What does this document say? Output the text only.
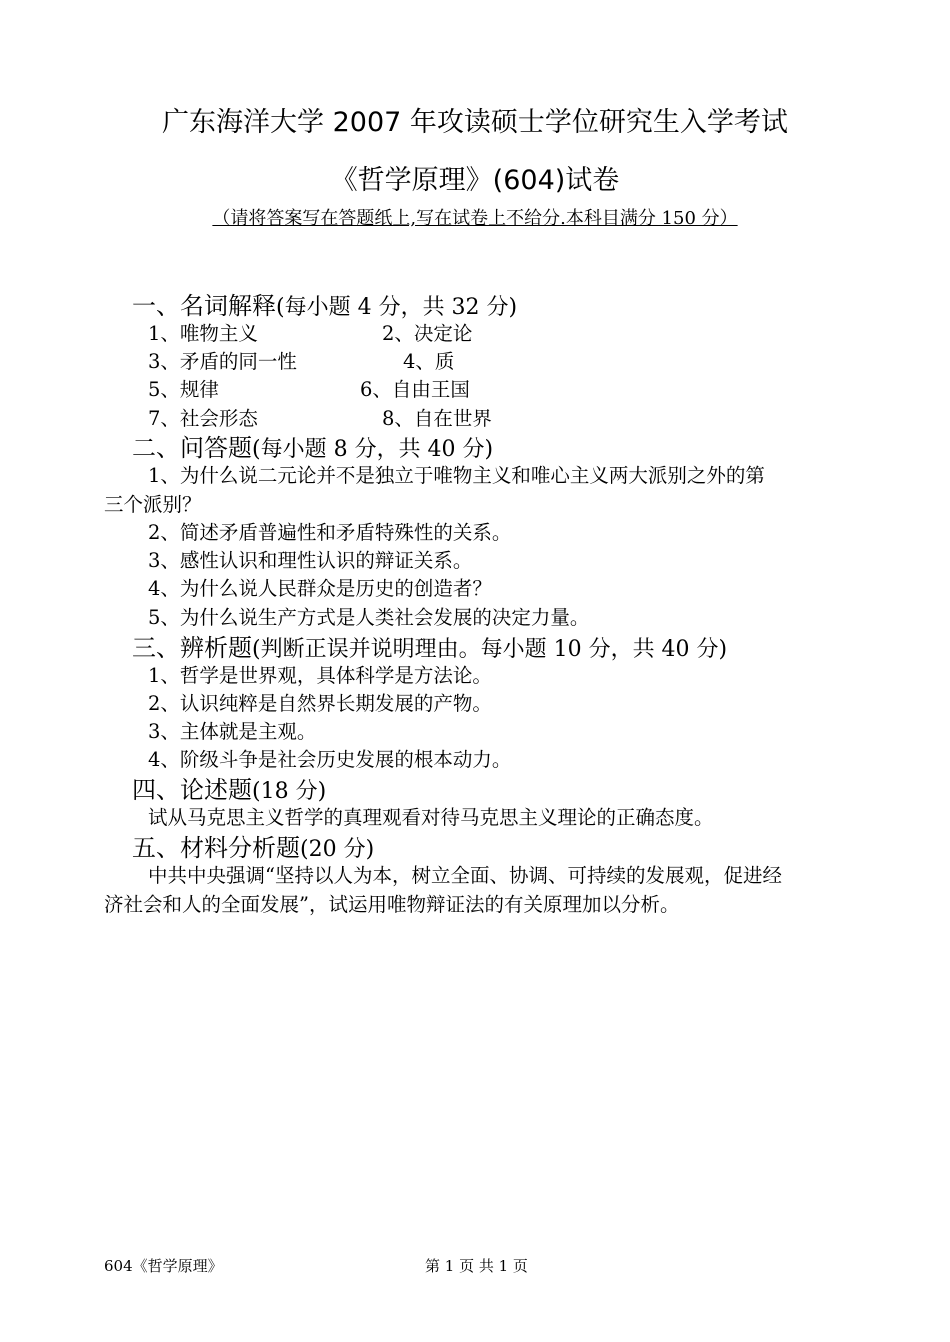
广东海洋大学 2007 年攻读硕士学位研究生入学考试
《哲学原理》(604)试卷
（请将答案写在答题纸上,写在试卷上不给分.本科目满分 150 分）
一、名词解释(每小题 4 分，共 32 分)
1、唯物主义	2、决定论
3、矛盾的同一性	4、质
5、规律	6、自由王国
7、社会形态	8、自在世界
二、问答题(每小题 8 分，共 40 分)
1、为什么说二元论并不是独立于唯物主义和唯心主义两大派别之外的第
三个派别？
2、简述矛盾普遍性和矛盾特殊性的关系。
3、感性认识和理性认识的辩证关系。
4、为什么说人民群众是历史的创造者？
5、为什么说生产方式是人类社会发展的决定力量。
三、辨析题(判断正误并说明理由。每小题 10 分，共 40 分)
1、哲学是世界观，具体科学是方法论。
2、认识纯粹是自然界长期发展的产物。
3、主体就是主观。
4、阶级斗争是社会历史发展的根本动力。
四、论述题(18 分)
试从马克思主义哲学的真理观看对待马克思主义理论的正确态度。
五、材料分析题(20 分)
中共中央强调“坚持以人为本，树立全面、协调、可持续的发展观，促进经
济社会和人的全面发展”，试运用唯物辩证法的有关原理加以分析。
604《哲学原理》	第 1 页 共 1 页
